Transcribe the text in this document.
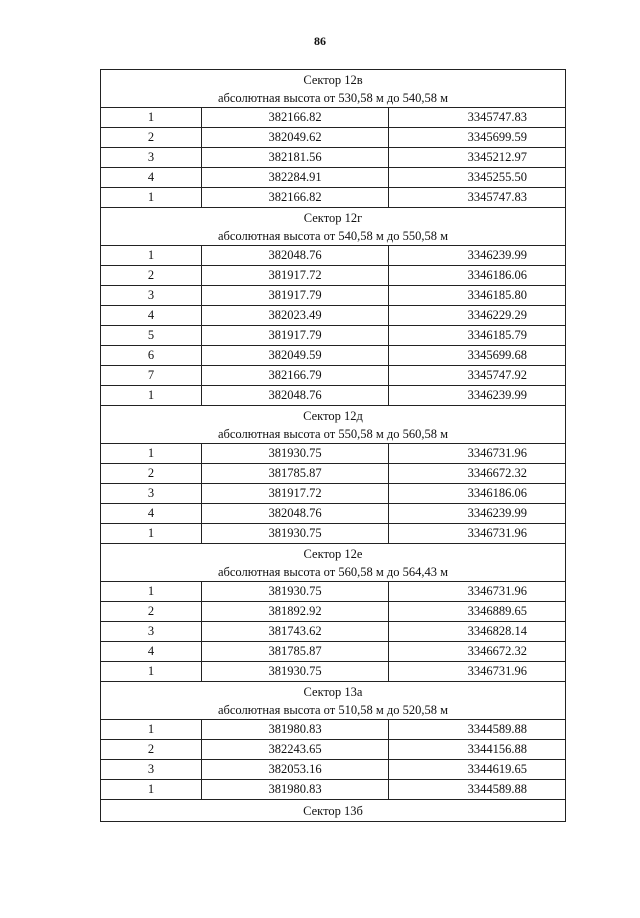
86
Сектор 12в
абсолютная высота от 530,58 м до 540,58 м		

1	382166.82	3345747.83
2	382049.62	3345699.59
3	382181.56	3345212.97
4	382284.91	3345255.50
1	382166.82	3345747.83

Сектор 12г
абсолютная высота от 540,58 м до 550,58 м		

1	382048.76	3346239.99
2	381917.72	3346186.06
3	381917.79	3346185.80
4	382023.49	3346229.29
5	381917.79	3346185.79
6	382049.59	3345699.68
7	382166.79	3345747.92
1	382048.76	3346239.99

Сектор 12д
абсолютная высота от 550,58 м до 560,58 м		

1	381930.75	3346731.96
2	381785.87	3346672.32
3	381917.72	3346186.06
4	382048.76	3346239.99
1	381930.75	3346731.96

Сектор 12е
абсолютная высота от 560,58 м до 564,43 м		

1	381930.75	3346731.96
2	381892.92	3346889.65
3	381743.62	3346828.14
4	381785.87	3346672.32
1	381930.75	3346731.96

Сектор 13а
абсолютная высота от 510,58 м до 520,58 м		

1	381980.83	3344589.88
2	382243.65	3344156.88
3	382053.16	3344619.65
1	381980.83	3344589.88

Сектор 13б		
